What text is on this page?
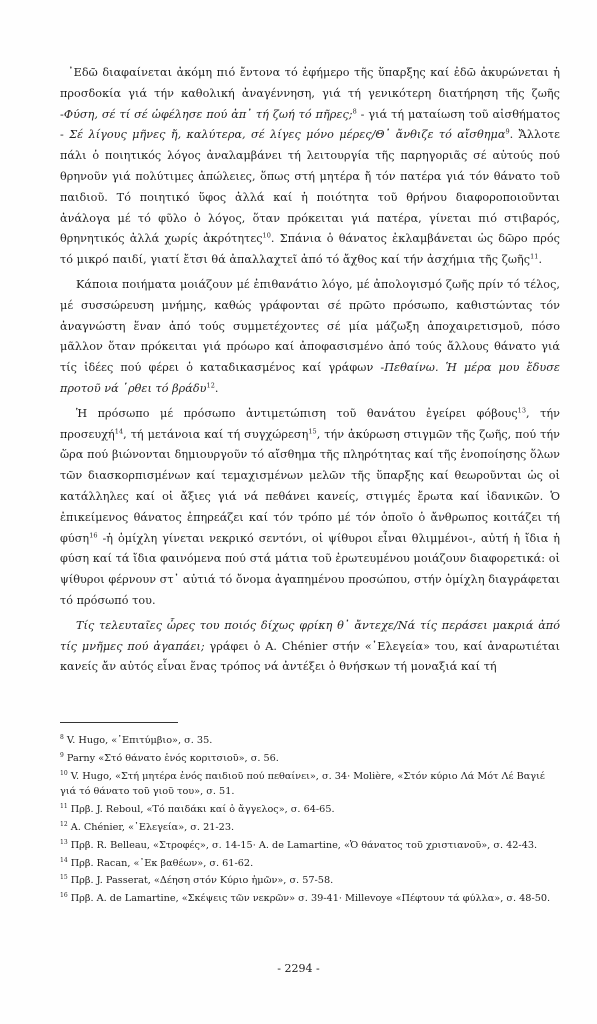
᾿Εδῶ διαφαίνεται ἀκόμη πιό ἔντονα τό ἐφήμερο τῆς ὕπαρξης καί ἐδῶ ἀκυρώνεται ἡ προσδοκία γιά τήν καθολική ἀναγέννηση, γιά τή γενικότερη διατήρηση τῆς ζωῆς -Φύση, σέ τί σέ ὠφέλησε πού ἀπ᾿ τή ζωή τό πῆρες;$^8$ - γιά τή ματαίωση τοῦ αἰσθήματος - Σέ λίγους μῆνες ἤ, καλύτερα, σέ λίγες μόνο μέρες/Θ᾿ ἄνθιζε τό αἴσθημα$^9$. Ἄλλοτε πάλι ὁ ποιητικός λόγος ἀναλαμβάνει τή λειτουργία τῆς παρηγοριᾶς σέ αὐτούς πού θρηνοῦν γιά πολύτιμες ἀπώλειες, ὅπως στή μητέρα ἤ τόν πατέρα γιά τόν θάνατο τοῦ παιδιοῦ. Τό ποιητικό ὕφος ἀλλά καί ἡ ποιότητα τοῦ θρήνου διαφοροποιοῦνται ἀνάλογα μέ τό φῦλο ὁ λόγος, ὅταν πρόκειται γιά πατέρα, γίνεται πιό στιβαρός, θρηνητικός ἀλλά χωρίς ἀκρότητες$^{10}$. Σπάνια ὁ θάνατος ἐκλαμβάνεται ὡς δῶρο πρός τό μικρό παιδί, γιατί ἔτσι θά ἀπαλλαχτεῖ ἀπό τό ἄχθος καί τήν ἀσχήμια τῆς ζωῆς$^{11}$.

Κάποια ποιήματα μοιάζουν μέ ἐπιθανάτιο λόγο, μέ ἀπολογισμό ζωῆς πρίν τό τέλος, μέ συσσώρευση μνήμης, καθώς γράφονται σέ πρῶτο πρόσωπο, καθιστώντας τόν ἀναγνώστη ἕναν ἀπό τούς συμμετέχοντες σέ μία μάζωξη ἀποχαιρετισμοῦ, πόσο μᾶλλον ὅταν πρόκειται γιά πρόωρο καί ἀποφασισμένο ἀπό τούς ἄλλους θάνατο γιά τίς ἰδέες πού φέρει ὁ καταδικασμένος καί γράφων -Πεθαίνω. Ἡ μέρα μου ἔδυσε προτοῦ νά ῾ρθει τό βράδυ$^{12}$.

Ἡ πρόσωπο μέ πρόσωπο ἀντιμετώπιση τοῦ θανάτου ἐγείρει φόβους$^{13}$, τήν προσευχή$^{14}$, τή μετάνοια καί τή συγχώρεση$^{15}$, τήν ἀκύρωση στιγμῶν τῆς ζωῆς, πού τήν ὥρα πού βιώνονται δημιουργοῦν τό αἴσθημα τῆς πληρότητας καί τῆς ἑνοποίησης ὅλων τῶν διασκορπισμένων καί τεμαχισμένων μελῶν τῆς ὕπαρξης καί θεωροῦνται ὡς οἱ κατάλληλες καί οἱ ἄξιες γιά νά πεθάνει κανείς, στιγμές ἔρωτα καί ἰδανικῶν. Ὁ ἐπικείμενος θάνατος ἐπηρεάζει καί τόν τρόπο μέ τόν ὁποῖο ὁ ἄνθρωπος κοιτάζει τή φύση$^{16}$ -ἡ ὁμίχλη γίνεται νεκρικό σεντόνι, οἱ ψίθυροι εἶναι θλιμμένοι-, αὐτή ἡ ἴδια ἡ φύση καί τά ἴδια φαινόμενα πού στά μάτια τοῦ ἐρωτευμένου μοιάζουν διαφορετικά: οἱ ψίθυροι φέρνουν στ᾿ αὐτιά τό ὄνομα ἀγαπημένου προσώπου, στήν ὁμίχλη διαγράφεται τό πρόσωπό του.

Τίς τελευταῖες ὧρες του ποιός δίχως φρίκη θ᾿ ἄντεχε/Νά τίς περάσει μακριά ἀπό τίς μνῆμες πού ἀγαπάει; γράφει ὁ A. Chénier στήν «᾿Ελεγεία» του, καί ἀναρωτιέται κανείς ἄν αὐτός εἶναι ἕνας τρόπος νά ἀντέξει ὁ θνήσκων τή μοναξιά καί τή

$^8$ V. Hugo, «᾿Επιτύμβιο», σ. 35.

$^9$ Parny «Στό θάνατο ἑνός κοριτσιοῦ», σ. 56.

$^{10}$ V. Hugo, «Στή μητέρα ἑνός παιδιοῦ πού πεθαίνει», σ. 34· Molière, «Στόν κύριο Λά Μότ Λέ Βαγιέ γιά τό θάνατο τοῦ γιοῦ του», σ. 51.

$^{11}$ Πρβ. J. Reboul, «Τό παιδάκι καί ὁ ἄγγελος», σ. 64-65.

$^{12}$ A. Chénier, «᾿Ελεγεία», σ. 21-23.

$^{13}$ Πρβ. R. Belleau, «Στροφές», σ. 14-15· A. de Lamartine, «Ὁ θάνατος τοῦ χριστιανοῦ», σ. 42-43.

$^{14}$ Πρβ. Racan, «᾿Εκ βαθέων», σ. 61-62.

$^{15}$ Πρβ. J. Passerat, «Δέηση στόν Κύριο ἡμῶν», σ. 57-58.

$^{16}$ Πρβ. A. de Lamartine, «Σκέψεις τῶν νεκρῶν» σ. 39-41· Millevoye «Πέφτουν τά φύλλα», σ. 48-50.

- 2294 -
